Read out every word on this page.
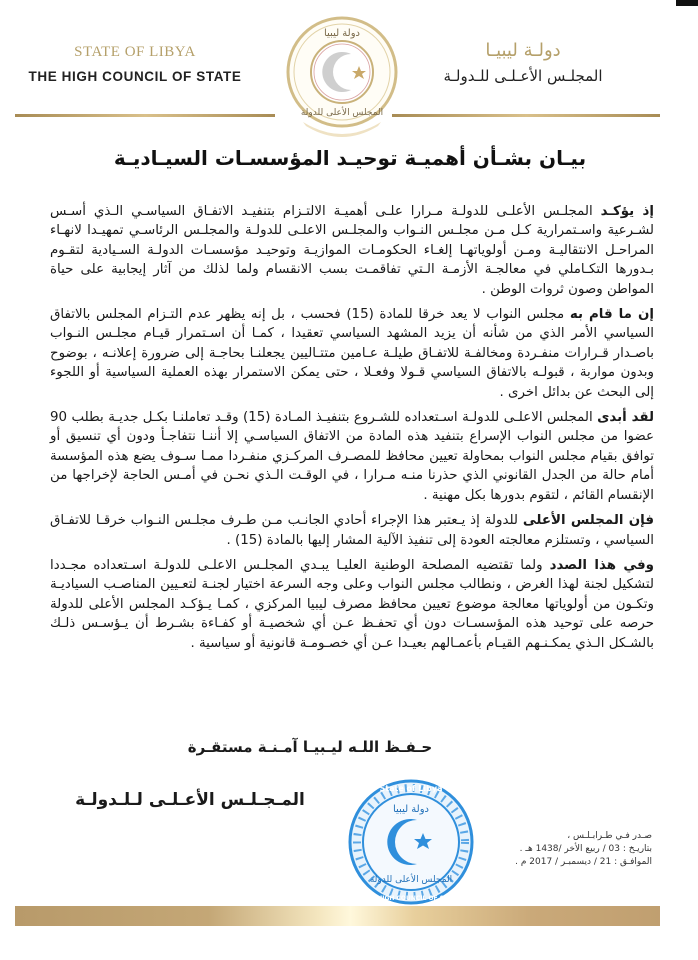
STATE OF LIBYA
THE HIGH COUNCIL OF STATE
دولة ليبيا
المجلس الأعلى للدولة
دولـة ليبيـا
المجلـس الأعـلـى للـدولـة
بيـان بشـأن أهميـة توحيـد المؤسسـات السيـاديـة

إذ يؤكـد المجلـس الأعلـى للدولـة مـرارا علـى أهميـة الالتـزام بتنفيـد الاتفـاق السياسـي الـذي أسـس لشـرعية واسـتمرارية كـل مـن مجلـس النـواب والمجلـس الاعلـى للدولـة والمجلـس الرئاسـي تمهيـدا لانهـاء المراحـل الانتقاليـة ومـن أولوياتهـا إلغـاء الحكومـات الموازيـة وتوحيـد مؤسسـات الدولـة السـيادية لتقـوم بـدورها التكـاملي في معالجـة الأزمـة الـتي تفاقمـت بسب الانقسام ولما لذلك من آثار إيجابية على حياة المواطن وصون ثروات الوطن .

إن ما قام به مجلس النواب لا يعد خرقا للمادة (15) فحسب ، بل إنه يظهر عدم التـزام المجلس بالاتفاق السياسي الأمر الذي من شأنه أن يزيد المشهد السياسي تعقيدا ، كمـا أن اسـتمرار قيـام مجلـس النـواب باصـدار قـرارات منفـردة ومخالفـة للاتفـاق طيلـة عـامين متتـاليين يجعلنـا بحاجـة إلى ضرورة إعلانـه ، بوضوح وبدون مواربة ، قبولـه بالاتفاق السياسي قـولا وفعـلا ، حتى يمكن الاستمرار بهذه العملية السياسية أو اللجوء إلى البحث عن بدائل اخرى .

لقد أبدى المجلس الاعلـى للدولـة اسـتعداده للشـروع بتنفيـذ المـادة (15) وقـد تعاملنـا بكـل جديـة بطلب 90 عضوا من مجلس النواب الإسراع بتنفيد هذه المادة من الاتفاق السياسـي إلا أننـا نتفاجـأ ودون أي تنسيق أو توافق بقيام مجلس النواب بمحاولة تعيين محافظ للمصـرف المركـزي منفـردا ممـا سـوف يضع هذه المؤسسة أمام حالة من الجدل القانوني الذي حذرنا منـه مـرارا ، في الوقـت الـذي نحـن في أمـس الحاجة لإخراجها من الإنقسام القائم ، لتقوم بدورها بكل مهنية .

فإن المجلس الأعلى للدولة إذ يـعتبر هذا الإجراء أحادي الجانـب مـن طـرف مجلـس النـواب خرقـا للاتفـاق السياسي ، وتستلزم معالجته العودة إلى تنفيذ الآلية المشار إليها بالمادة (15) .

وفي هذا الصدد ولما تقتضيه المصلحة الوطنية العليـا يبـدي المجلـس الاعلـى للدولـة اسـتعداده مجـددا لتشكيل لجنة لهذا الغرض ، ونطالب مجلس النواب وعلى وجه السرعة اختيار لجنـة لتعـيين المناصـب السياديـة وتكـون من أولوياتها معالجة موضوع تعيين محافظ مصرف ليبيا المركزي ، كمـا يـؤكـد المجلس الأعلى للدولة حرصه على توحيد هذه المؤسسـات دون أي تحفـظ عـن أي شخصيـة أو كفـاءة بشـرط أن يـؤسـس ذلـك بالشـكل الـذي يمكـنـهم القيـام بأعمـالهم بعيـدا عـن أي خصـومـة قانونية أو سياسية .

حـفـظ اللـه ليـبيـا آمـنـة مستقـرة
المـجـلـس الأعـلـى لـلـدولـة
State of Libya
دولة ليبيا
المجلس الأعلى للدولة
THE HIGH COUNCIL OF STATE
صـدر فـي طـرابـلـس ،
بتاريـخ : 03 / ربيع الأخر /1438 هـ .
الموافـق : 21 / ديسمبـر / 2017 م .
